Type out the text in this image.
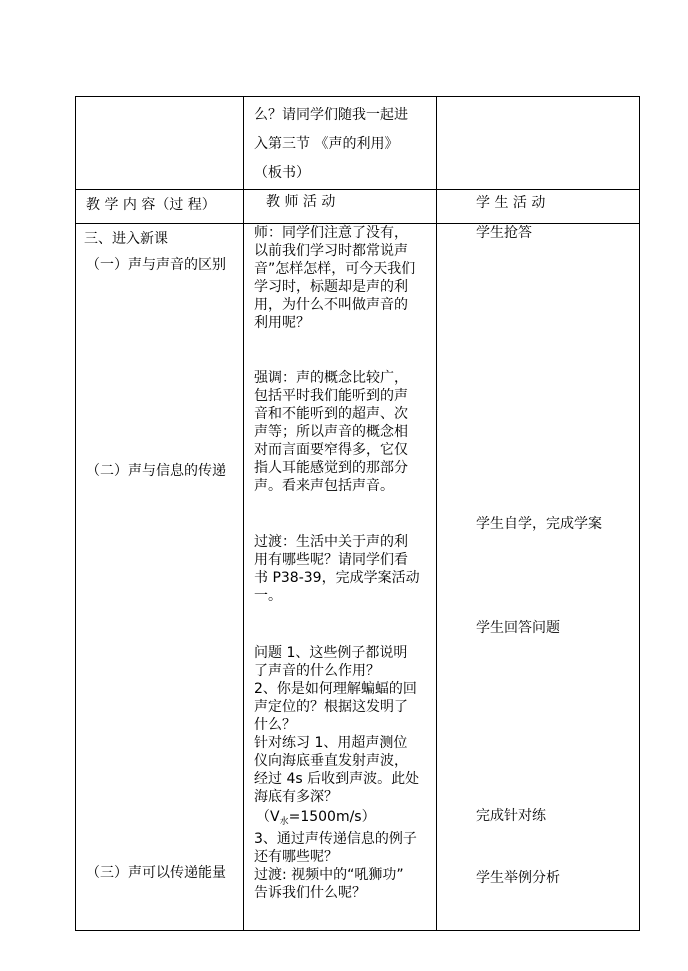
么？请同学们随我一起进
入第三节 《声的利用》
（板书）
教 学 内 容（过 程）	教 师 活 动	学 生 活 动
三、进入新课
（一）声与声音的区别
（二）声与信息的传递
（三）声可以传递能量
师：同学们注意了没有，
以前我们学习时都常说声
音”怎样怎样，可今天我们
学习时，标题却是声的利
用，为什么不叫做声音的
利用呢？
强调：声的概念比较广，
包括平时我们能听到的声
音和不能听到的超声、次
声等；所以声音的概念相
对而言面要窄得多，它仅
指人耳能感觉到的那部分
声。看来声包括声音。
过渡：生活中关于声的利
用有哪些呢？请同学们看
书 P38-39，完成学案活动
一。
问题 1、这些例子都说明
了声音的什么作用？
2、你是如何理解蝙蝠的回
声定位的？根据这发明了
什么？
针对练习 1、用超声测位
仪向海底垂直发射声波，
经过 4s 后收到声波。此处
海底有多深？
$(V_水=1500m/s)$
3、通过声传递信息的例子
还有哪些呢？
过渡: 视频中的“吼狮功”
告诉我们什么呢？
学生抢答
学生自学，完成学案
学生回答问题
完成针对练
学生举例分析
